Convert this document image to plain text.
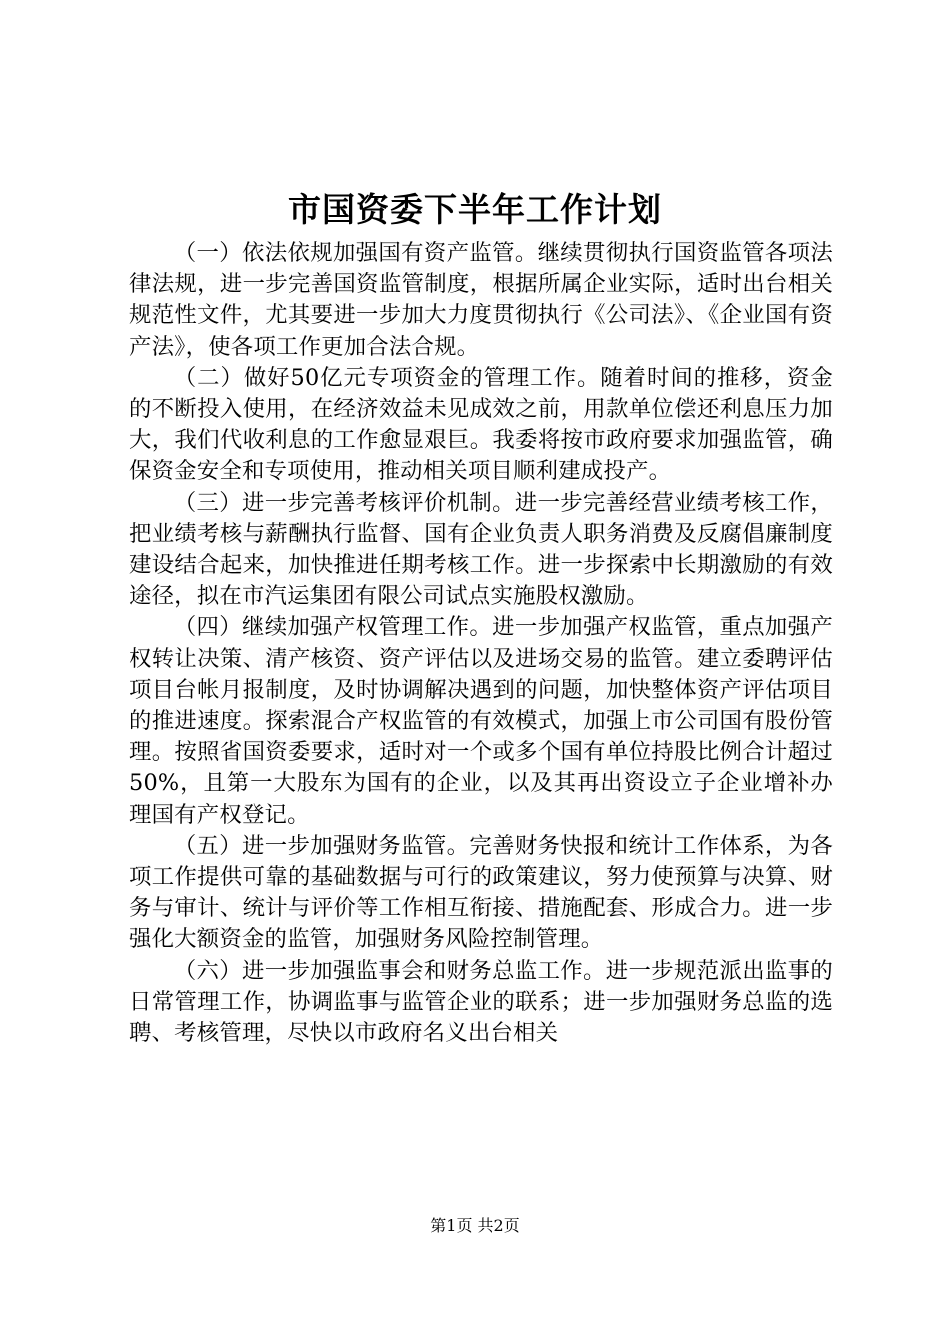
市国资委下半年工作计划

（一）依法依规加强国有资产监管。继续贯彻执行国资监管各项法律法规，进一步完善国资监管制度，根据所属企业实际，适时出台相关规范性文件，尤其要进一步加大力度贯彻执行《公司法》、《企业国有资产法》，使各项工作更加合法合规。

（二）做好50亿元专项资金的管理工作。随着时间的推移，资金的不断投入使用，在经济效益未见成效之前，用款单位偿还利息压力加大，我们代收利息的工作愈显艰巨。我委将按市政府要求加强监管，确保资金安全和专项使用，推动相关项目顺利建成投产。

（三）进一步完善考核评价机制。进一步完善经营业绩考核工作，把业绩考核与薪酬执行监督、国有企业负责人职务消费及反腐倡廉制度建设结合起来，加快推进任期考核工作。进一步探索中长期激励的有效途径，拟在市汽运集团有限公司试点实施股权激励。

（四）继续加强产权管理工作。进一步加强产权监管，重点加强产权转让决策、清产核资、资产评估以及进场交易的监管。建立委聘评估项目台帐月报制度，及时协调解决遇到的问题，加快整体资产评估项目的推进速度。探索混合产权监管的有效模式，加强上市公司国有股份管理。按照省国资委要求，适时对一个或多个国有单位持股比例合计超过50%，且第一大股东为国有的企业，以及其再出资设立子企业增补办理国有产权登记。

（五）进一步加强财务监管。完善财务快报和统计工作体系，为各项工作提供可靠的基础数据与可行的政策建议，努力使预算与决算、财务与审计、统计与评价等工作相互衔接、措施配套、形成合力。进一步强化大额资金的监管，加强财务风险控制管理。

（六）进一步加强监事会和财务总监工作。进一步规范派出监事的日常管理工作，协调监事与监管企业的联系；进一步加强财务总监的选聘、考核管理，尽快以市政府名义出台相关

第1页 共2页
